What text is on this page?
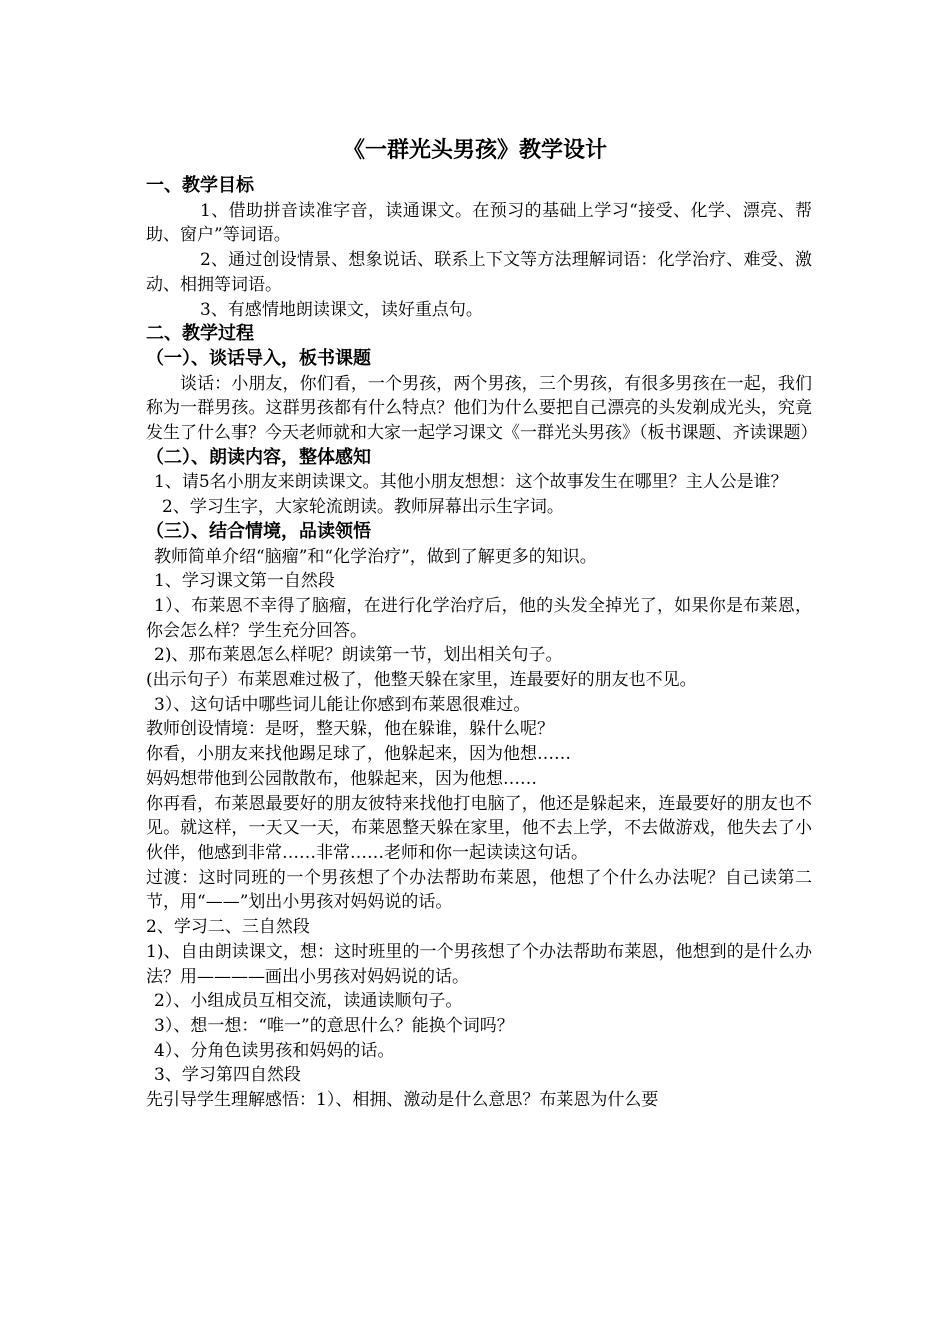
《一群光头男孩》教学设计

一、教学目标

1、借助拼音读准字音，读通课文。在预习的基础上学习“接受、化学、漂亮、帮助、窗户”等词语。

2、通过创设情景、想象说话、联系上下文等方法理解词语：化学治疗、难受、激动、相拥等词语。

3、有感情地朗读课文，读好重点句。

二、教学过程

（一）、谈话导入，板书课题

谈话：小朋友，你们看，一个男孩，两个男孩，三个男孩，有很多男孩在一起，我们称为一群男孩。这群男孩都有什么特点？他们为什么要把自己漂亮的头发剃成光头，究竟发生了什么事？今天老师就和大家一起学习课文《一群光头男孩》（板书课题、齐读课题）

（二）、朗读内容，整体感知

1、请5名小朋友来朗读课文。其他小朋友想想：这个故事发生在哪里？主人公是谁？

2、学习生字，大家轮流朗读。教师屏幕出示生字词。

（三）、结合情境，品读领悟

教师简单介绍“脑瘤”和“化学治疗”，做到了解更多的知识。

1、学习课文第一自然段

1）、布莱恩不幸得了脑瘤，在进行化学治疗后，他的头发全掉光了，如果你是布莱恩，你会怎么样？学生充分回答。

2)、那布莱恩怎么样呢？朗读第一节，划出相关句子。

(出示句子）布莱恩难过极了，他整天躲在家里，连最要好的朋友也不见。

3）、这句话中哪些词儿能让你感到布莱恩很难过。

教师创设情境：是呀，整天躲，他在躲谁，躲什么呢？

你看，小朋友来找他踢足球了，他躲起来，因为他想……

妈妈想带他到公园散散布，他躲起来，因为他想……

你再看，布莱恩最要好的朋友彼特来找他打电脑了，他还是躲起来，连最要好的朋友也不见。就这样，一天又一天，布莱恩整天躲在家里，他不去上学，不去做游戏，他失去了小伙伴，他感到非常……非常……老师和你一起读读这句话。

过渡：这时同班的一个男孩想了个办法帮助布莱恩，他想了个什么办法呢？自己读第二节，用“——”划出小男孩对妈妈说的话。

2、学习二、三自然段

1)、自由朗读课文，想：这时班里的一个男孩想了个办法帮助布莱恩，他想到的是什么办法？用————画出小男孩对妈妈说的话。

2）、小组成员互相交流，读通读顺句子。

3）、想一想：“唯一”的意思什么？能换个词吗？

4）、分角色读男孩和妈妈的话。

3、学习第四自然段

先引导学生理解感悟：1）、相拥、激动是什么意思？布莱恩为什么要
